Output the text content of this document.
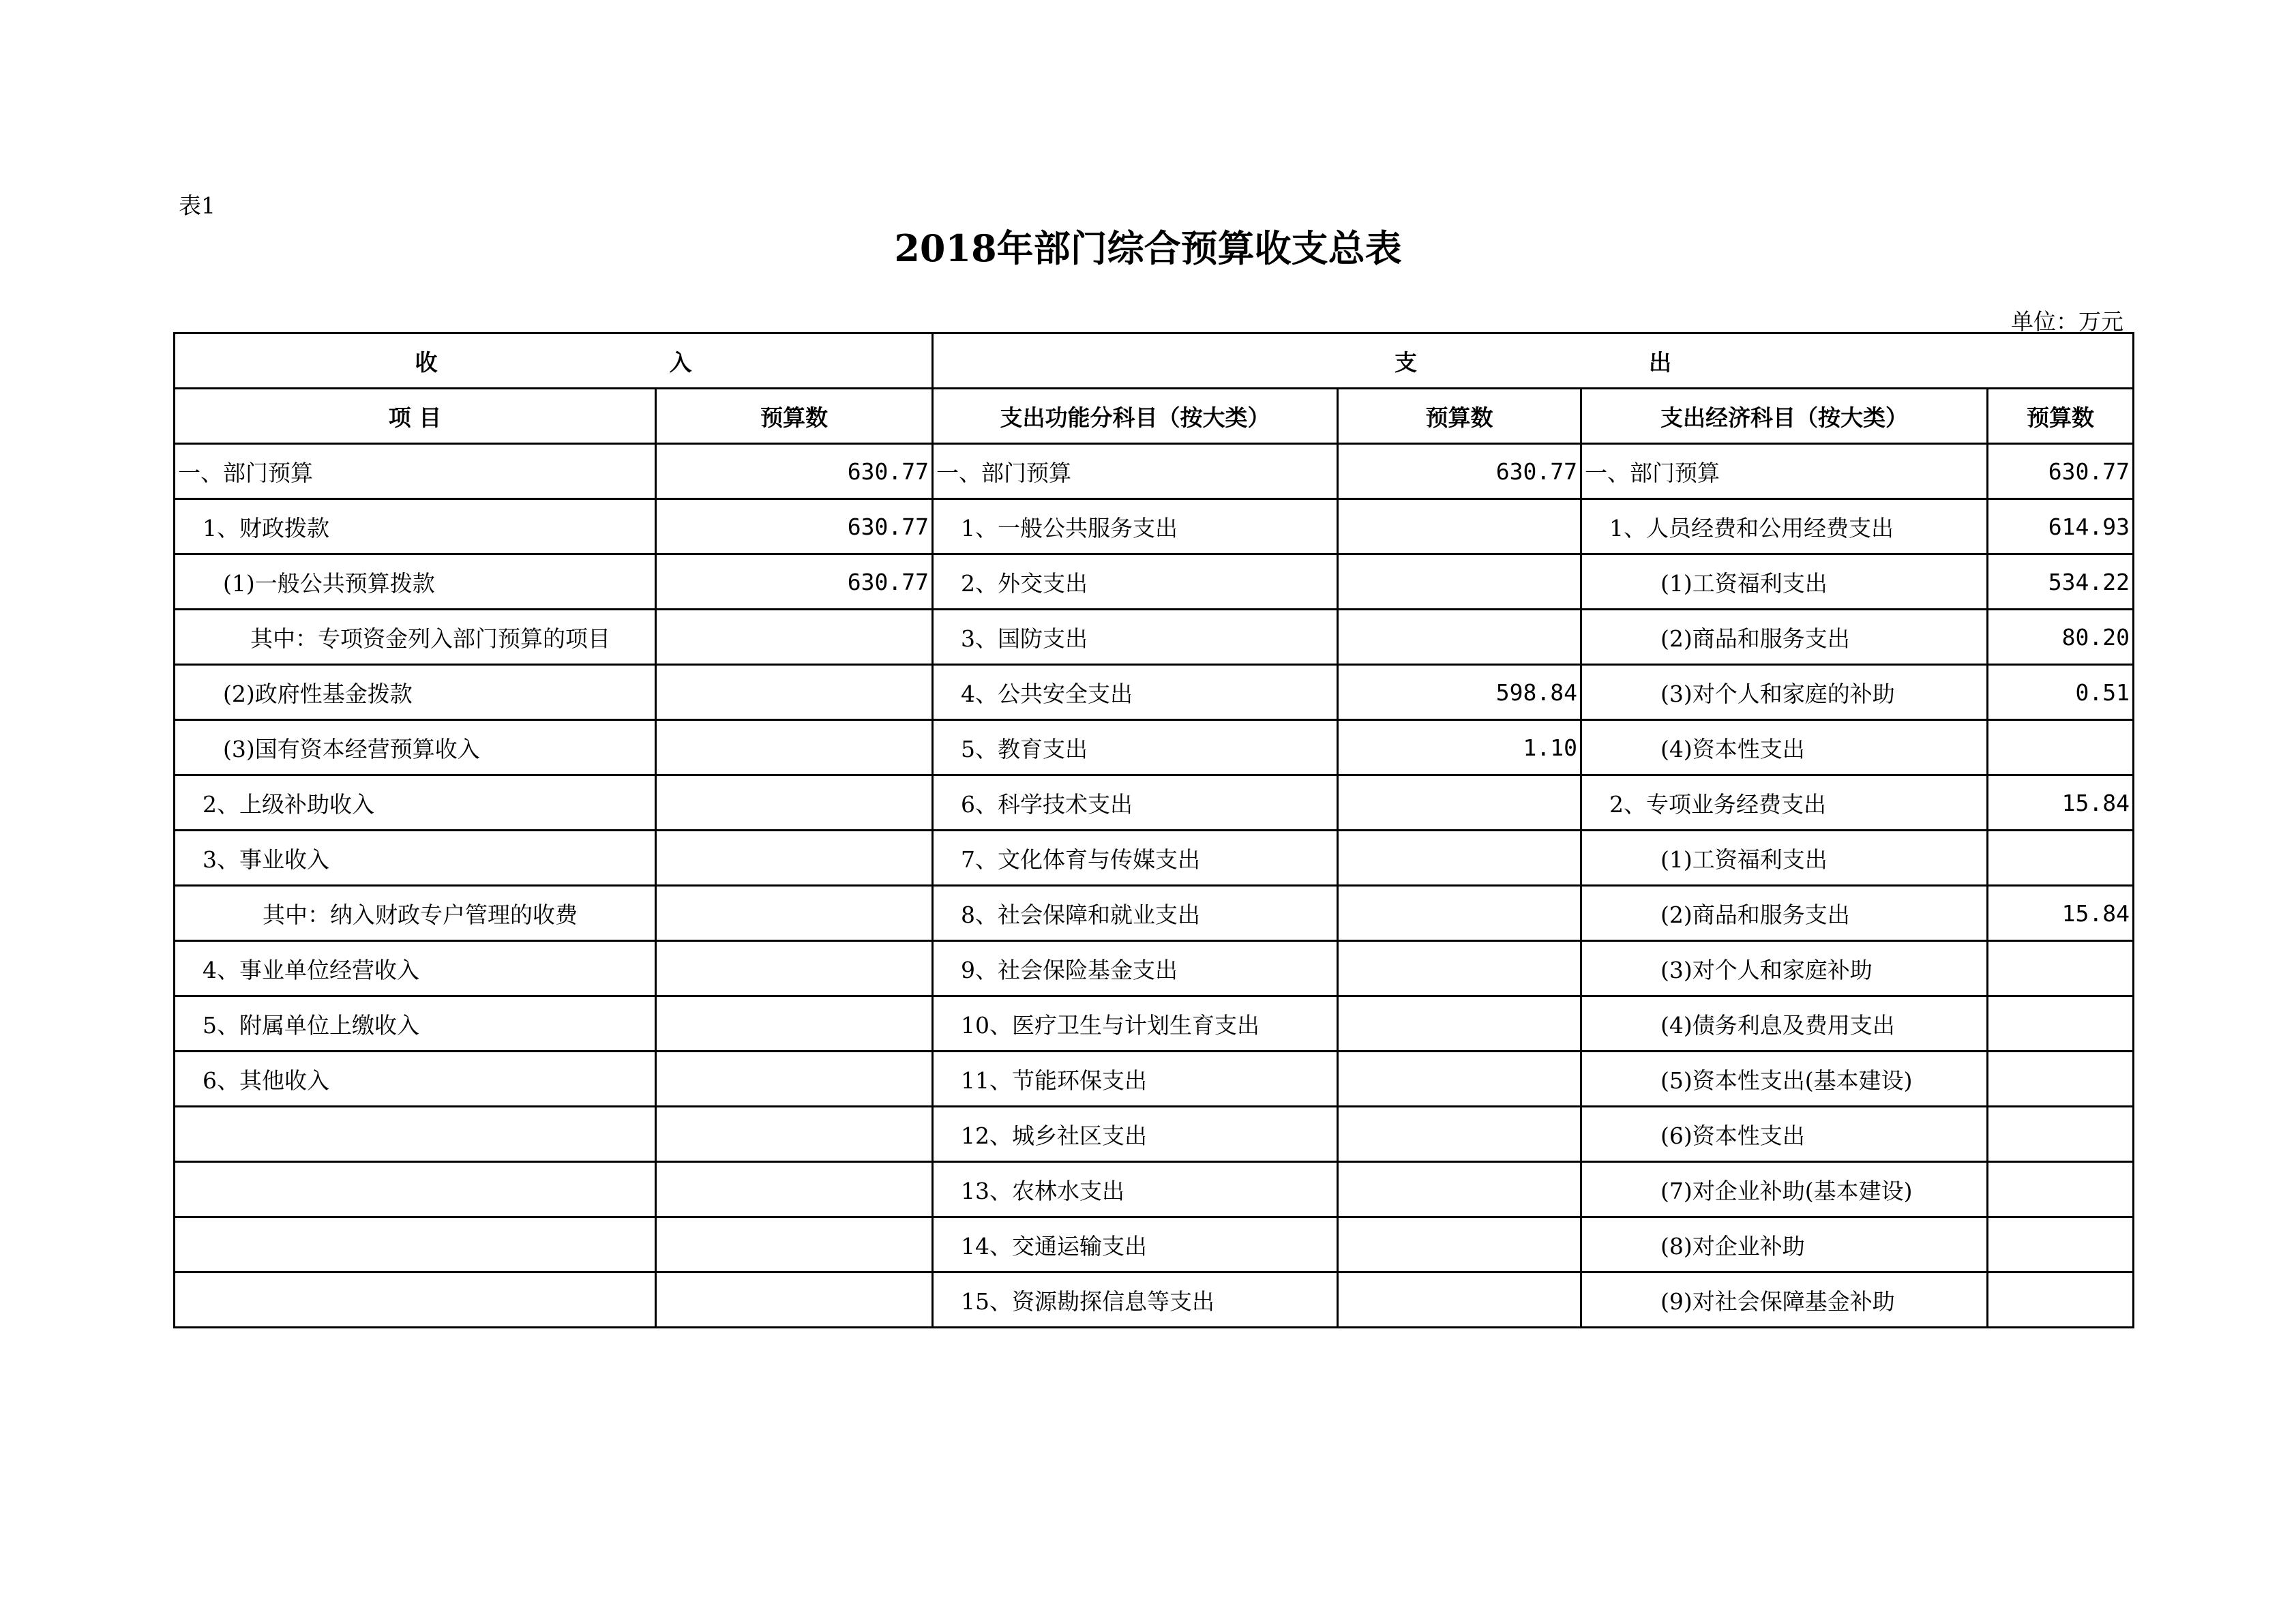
表1
2018年部门综合预算收支总表
单位：万元
收 入		支 出			
项 目	预算数	支出功能分科目（按大类）	预算数	支出经济科目（按大类）	预算数
一、部门预算	630.77	一、部门预算	630.77	一、部门预算	630.77
1、财政拨款	630.77	1、一般公共服务支出		1、人员经费和公用经费支出	614.93
(1)一般公共预算拨款	630.77	2、外交支出		(1)工资福利支出	534.22
其中：专项资金列入部门预算的项目		3、国防支出		(2)商品和服务支出	80.20
(2)政府性基金拨款		4、公共安全支出	598.84	(3)对个人和家庭的补助	0.51
(3)国有资本经营预算收入		5、教育支出	1.10	(4)资本性支出	
2、上级补助收入		6、科学技术支出		2、专项业务经费支出	15.84
3、事业收入		7、文化体育与传媒支出		(1)工资福利支出	
其中：纳入财政专户管理的收费		8、社会保障和就业支出		(2)商品和服务支出	15.84
4、事业单位经营收入		9、社会保险基金支出		(3)对个人和家庭补助	
5、附属单位上缴收入		10、医疗卫生与计划生育支出		(4)债务利息及费用支出	
6、其他收入		11、节能环保支出		(5)资本性支出(基本建设)	
		12、城乡社区支出		(6)资本性支出	
		13、农林水支出		(7)对企业补助(基本建设)	
		14、交通运输支出		(8)对企业补助	
		15、资源勘探信息等支出		(9)对社会保障基金补助	
